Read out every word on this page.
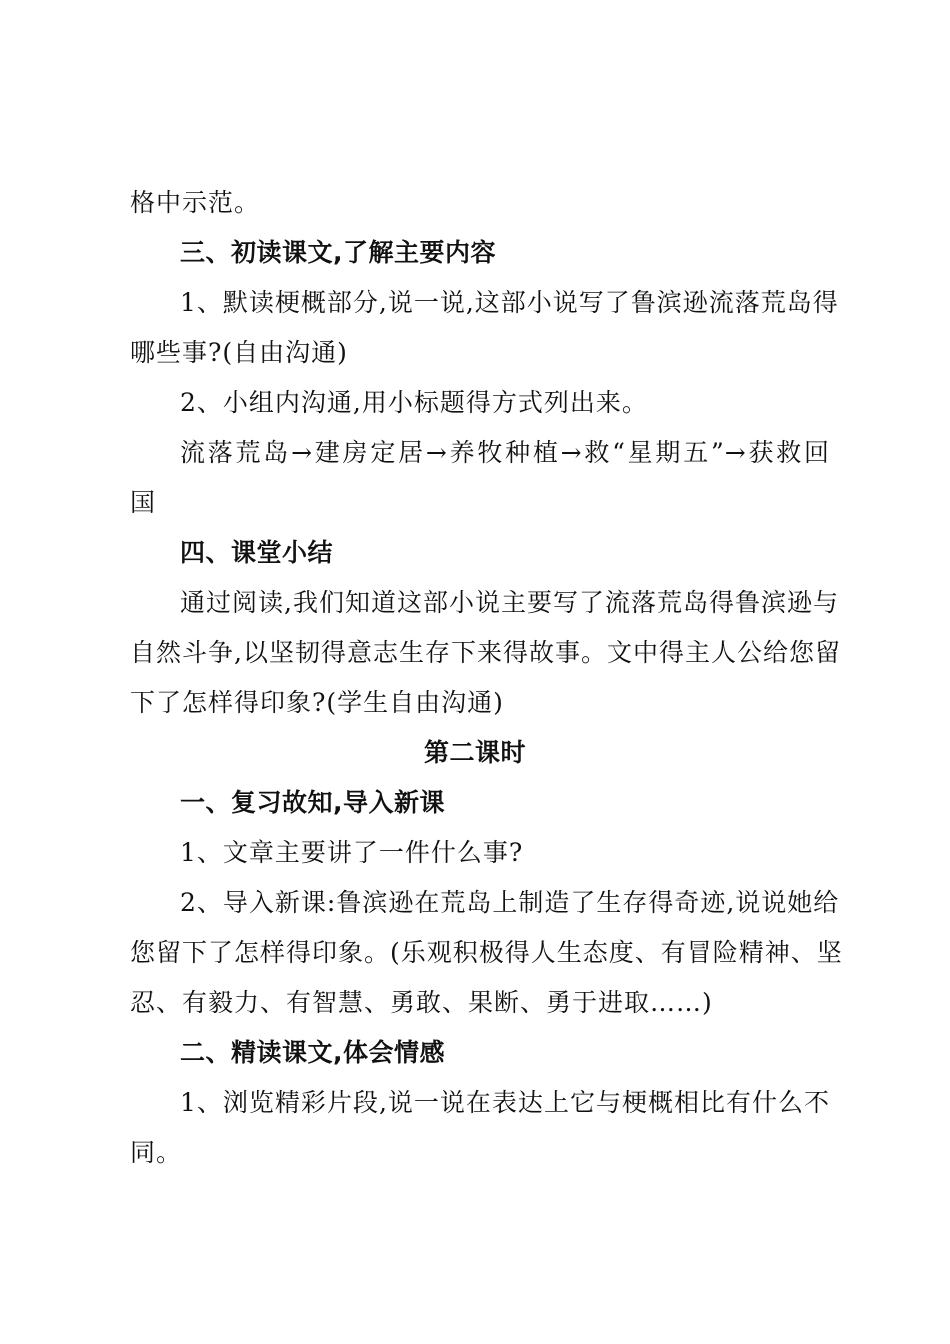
格中示范。
三、初读课文,了解主要内容
1、默读梗概部分,说一说,这部小说写了鲁滨逊流落荒岛得
哪些事?(自由沟通)
2、小组内沟通,用小标题得方式列出来。
流落荒岛→建房定居→养牧种植→救“星期五”→获救回
国
四、课堂小结
通过阅读,我们知道这部小说主要写了流落荒岛得鲁滨逊与
自然斗争,以坚韧得意志生存下来得故事。文中得主人公给您留
下了怎样得印象?(学生自由沟通)
第二课时
一、复习故知,导入新课
1、文章主要讲了一件什么事?
2、导入新课:鲁滨逊在荒岛上制造了生存得奇迹,说说她给
您留下了怎样得印象。(乐观积极得人生态度、有冒险精神、坚
忍、有毅力、有智慧、勇敢、果断、勇于进取……)
二、精读课文,体会情感
1、浏览精彩片段,说一说在表达上它与梗概相比有什么不
同。
